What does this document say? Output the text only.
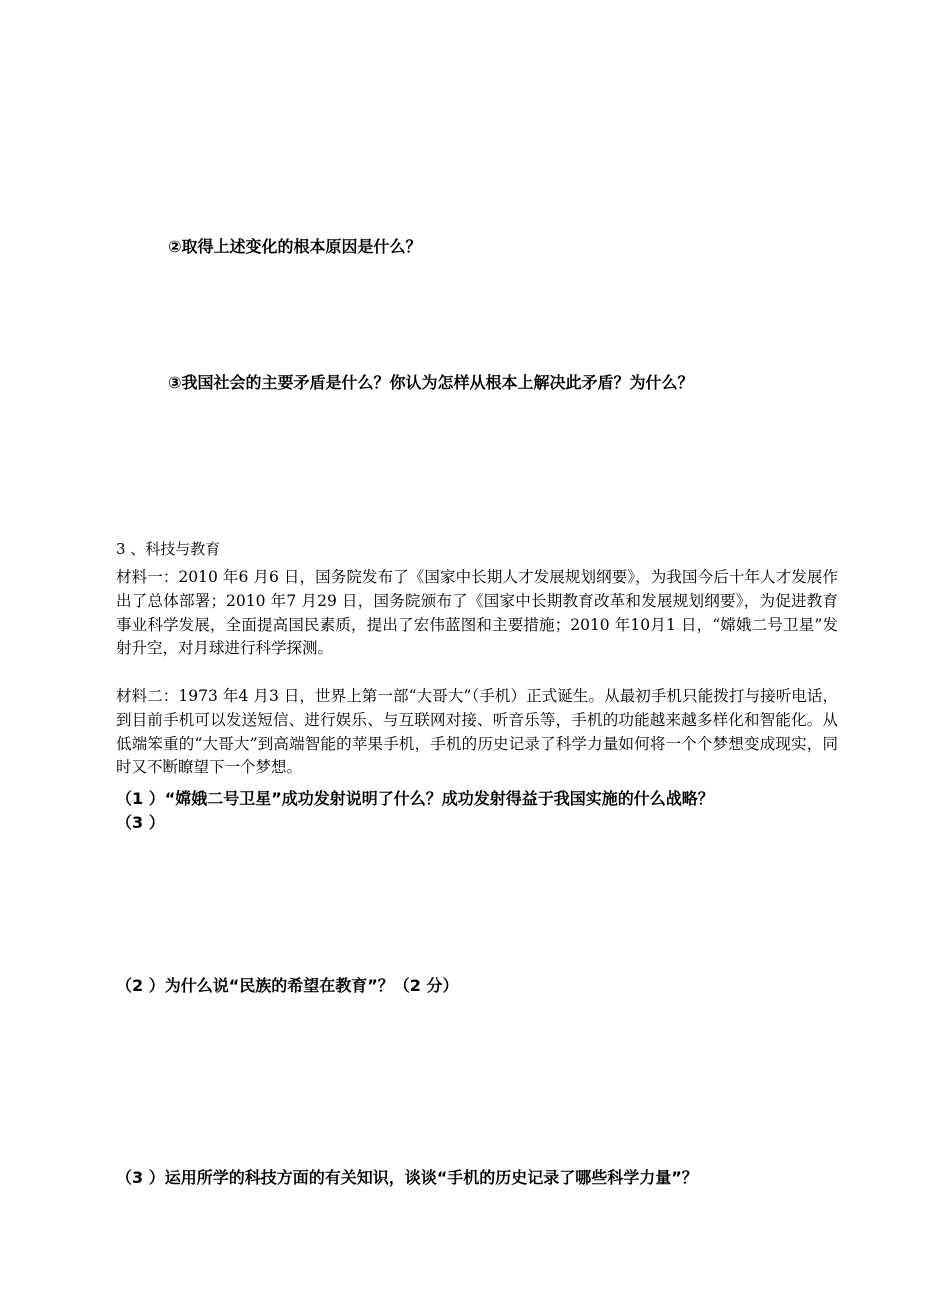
②取得上述变化的根本原因是什么？
③我国社会的主要矛盾是什么？你认为怎样从根本上解决此矛盾？为什么？
3 、科技与教育

材料一：2010 年6 月6 日，国务院发布了《国家中长期人才发展规划纲要》，为我国今后十年人才发展作出了总体部署；2010 年7 月29 日，国务院颁布了《国家中长期教育改革和发展规划纲要》，为促进教育事业科学发展，全面提高国民素质，提出了宏伟蓝图和主要措施；2010 年10月1 日，“嫦娥二号卫星”发射升空，对月球进行科学探测。

材料二：1973 年4 月3 日，世界上第一部“大哥大”（手机）正式诞生。从最初手机只能拨打与接听电话，到目前手机可以发送短信、进行娱乐、与互联网对接、听音乐等，手机的功能越来越多样化和智能化。从低端笨重的“大哥大”到高端智能的苹果手机，手机的历史记录了科学力量如何将一个个梦想变成现实，同时又不断瞭望下一个梦想。

（1 ）“嫦娥二号卫星”成功发射说明了什么？成功发射得益于我国实施的什么战略？
（3 ）
（2 ）为什么说“民族的希望在教育”？（2 分）
（3 ）运用所学的科技方面的有关知识，谈谈“手机的历史记录了哪些科学力量”？
